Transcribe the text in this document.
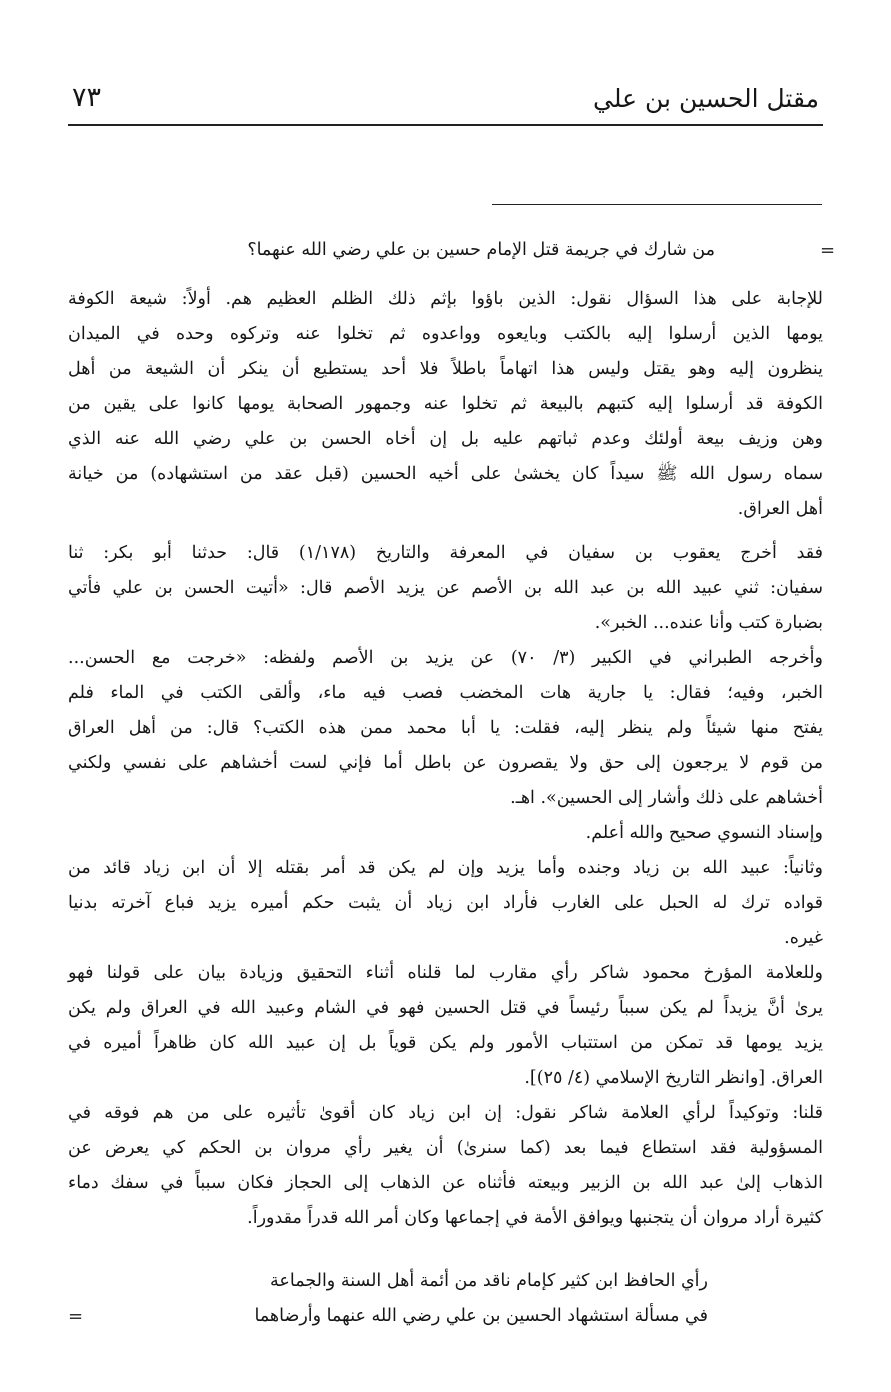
مقتل الحسين بن علي
٧٣
=
من شارك في جريمة قتل الإمام حسين بن علي رضي الله عنهما؟
للإجابة على هذا السؤال نقول: الذين باؤوا بإثم ذلك الظلم العظيم هم. أولاً: شيعة الكوفة
يومها الذين أرسلوا إليه بالكتب وبايعوه وواعدوه ثم تخلوا عنه وتركوه وحده في الميدان
ينظرون إليه وهو يقتل وليس هذا اتهاماً باطلاً فلا أحد يستطيع أن ينكر أن الشيعة من أهل
الكوفة قد أرسلوا إليه كتبهم بالبيعة ثم تخلوا عنه وجمهور الصحابة يومها كانوا على يقين من
وهن وزيف بيعة أولئك وعدم ثباتهم عليه بل إن أخاه الحسن بن علي رضي الله عنه الذي
سماه رسول الله ﷺ سيداً كان يخشىٰ على أخيه الحسين (قبل عقد من استشهاده) من خيانة
أهل العراق.
فقد أخرج يعقوب بن سفيان في المعرفة والتاريخ (١/١٧٨) قال: حدثنا أبو بكر: ثنا
سفيان: ثني عبيد الله بن عبد الله بن الأصم عن يزيد الأصم قال: «أتيت الحسن بن علي فأتي
بضبارة كتب وأنا عنده... الخبر».
وأخرجه الطبراني في الكبير (٣/ ٧٠) عن يزيد بن الأصم ولفظه: «خرجت مع الحسن...
الخبر، وفيه؛ فقال: يا جارية هات المخضب فصب فيه ماء، وألقى الكتب في الماء فلم
يفتح منها شيئاً ولم ينظر إليه، فقلت: يا أبا محمد ممن هذه الكتب؟ قال: من أهل العراق
من قوم لا يرجعون إلى حق ولا يقصرون عن باطل أما فإني لست أخشاهم على نفسي ولكني
أخشاهم على ذلك وأشار إلى الحسين». اهـ.
وإسناد النسوي صحيح والله أعلم.
وثانياً: عبيد الله بن زياد وجنده وأما يزيد وإن لم يكن قد أمر بقتله إلا أن ابن زياد قائد من
قواده ترك له الحبل على الغارب فأراد ابن زياد أن يثبت حكم أميره يزيد فباع آخرته بدنيا
غيره.
وللعلامة المؤرخ محمود شاكر رأي مقارب لما قلناه أثناء التحقيق وزيادة بيان على قولنا فهو
يرىٰ أنَّ يزيداً لم يكن سبباً رئيساً في قتل الحسين فهو في الشام وعبيد الله في العراق ولم يكن
يزيد يومها قد تمكن من استتباب الأمور ولم يكن قوياً بل إن عبيد الله كان ظاهراً أميره في
العراق. [وانظر التاريخ الإسلامي (٤/ ٢٥)].
قلنا: وتوكيداً لرأي العلامة شاكر نقول: إن ابن زياد كان أقوىٰ تأثيره على من هم فوقه في
المسؤولية فقد استطاع فيما بعد (كما سنرىٰ) أن يغير رأي مروان بن الحكم كي يعرض عن
الذهاب إلىٰ عبد الله بن الزبير وبيعته فأثناه عن الذهاب إلى الحجاز فكان سبباً في سفك دماء
كثيرة أراد مروان أن يتجنبها ويوافق الأمة في إجماعها وكان أمر الله قدراً مقدوراً.
رأي الحافظ ابن كثير كإمام ناقد من أئمة أهل السنة والجماعة
في مسألة استشهاد الحسين بن علي رضي الله عنهما وأرضاهما
=
